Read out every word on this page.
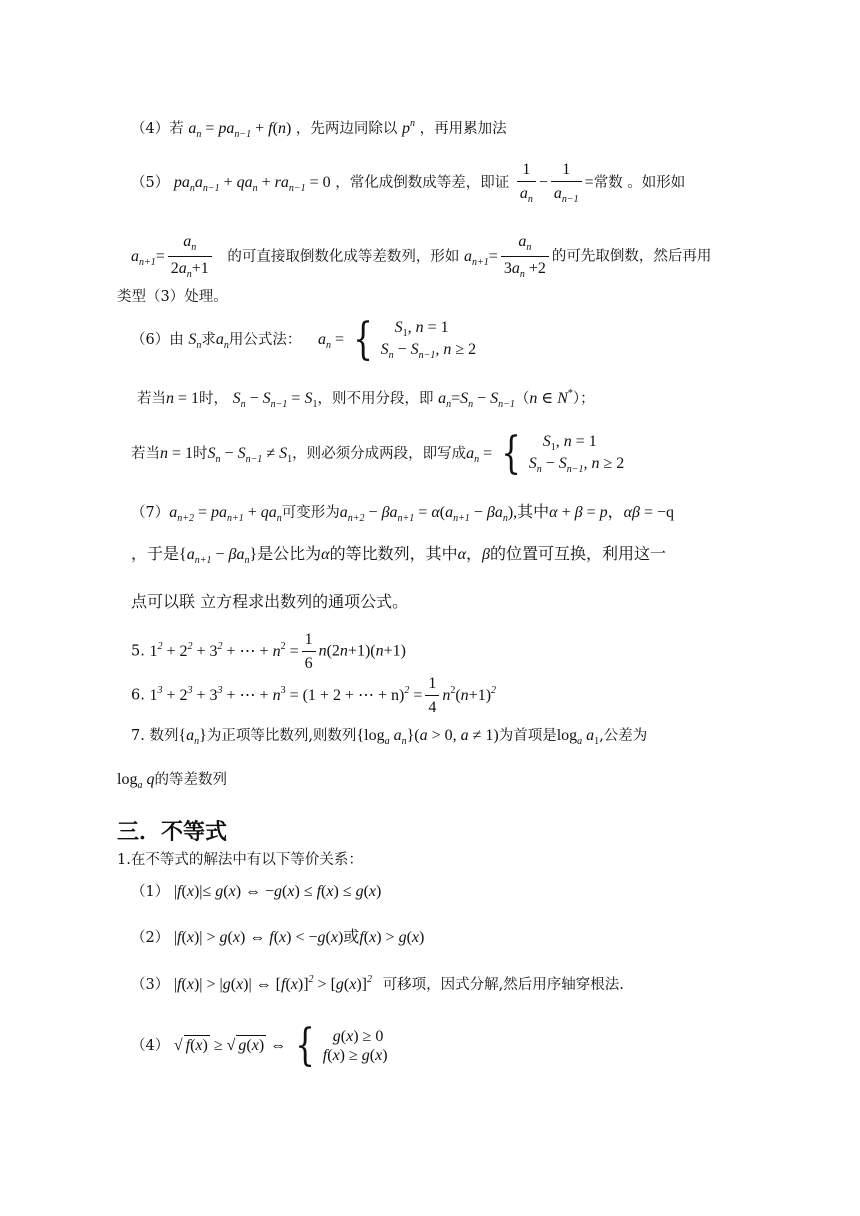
（4）若 $a_n = pa_{n-1} + f(n)$ ，先两边同除以 $p^n$ ，再用累加法
（5） $pa_na_{n-1} + qa_n + ra_{n-1} = 0$ ，常化成倒数成等差，即证 $\frac{1}{a_n} - \frac{1}{a_{n-1}}$ =常数 。如形如
$a_{n+1}= \frac{a_n}{2a_n+1}$ 的可直接取倒数化成等差数列，形如 $a_{n+1}= \frac{a_n}{3a_n +2}$ 的可先取倒数，然后再用
类型（3）处理。
（6）由 $S_n$求$a_n$用公式法： $a_n$ = { $S_1$, n = 1
$S_n - S_{n-1}$, n ≥ 2
若当n = 1时， $S_n - S_{n-1} = S_1$，则不用分段，即 $a_n=S_n - S_{n-1}(n$ ∈ N*）；
若当n = 1时$S_n - S_{n-1} \ne S_1$，则必须分成两段，即写成$a_n$ = { $S_1$, n = 1
$S_n - S_{n-1}$, n ≥ 2
$(7)a_{n+2} = pa_{n+1} + qa_n$可变形为$a_{n+2} - \beta a_{n+1} = \alpha(a_{n+1} - \beta a_n)$,其中α + β = p，αβ = −q
，于是$\{a_{n+1} - \beta a_n\}$是公比为α的等比数列，其中α，β的位置可互换，利用这一
点可以联 立方程求出数列的通项公式。
5. $1^2 + 2^2 + 3^2$ + ⋯ + $n^2 = \frac{1}{6} n(2n+1)(n+1)$
6. $1^3 + 2^3 + 3^3$ + ⋯ + $n^3 = (1 + 2$ + ⋯ + $n)^2 = \frac{1}{4} n^2(n+1)^2$
7. 数列$\{a_n\}$为正项等比数列,则数列{$\log_a$ $a_n\}(a > 0$, a ≠ 1)为首项是$\log_a a_1$,公差为
$\log_a q$的等差数列
三．不等式
1.在不等式的解法中有以下等价关系：
（1） |f(x)|≤ g(x) ⇔ −g(x) ≤ f(x) ≤ g(x)
（2） |f(x)| > g(x) ⇔ f(x) < −g(x)或f(x) > g(x)
（3） |f(x)| > |g(x)| ⇔ $[f(x)]^2 > [g(x)]^2$ 可移项，因式分解,然后用序轴穿根法.
（4） √ f(x) ≥ √ g(x) ⇔ { g(x) ≥ 0
f(x) ≥ g(x)
